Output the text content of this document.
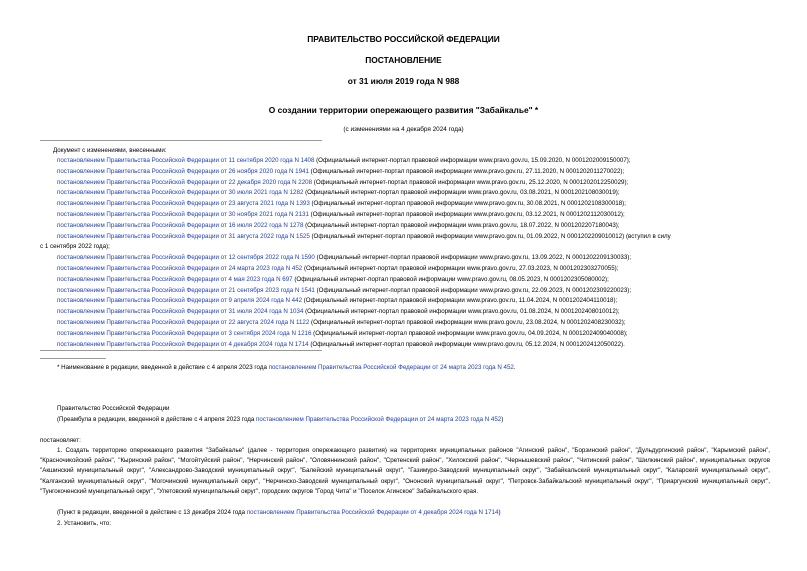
ПРАВИТЕЛЬСТВО РОССИЙСКОЙ ФЕДЕРАЦИИ
ПОСТАНОВЛЕНИЕ
от 31 июля 2019 года N 988
О создании территории опережающего развития "Забайкалье" *
(с изменениями на 4 декабря 2024 года)
Документ с изменениями, внесенными:
постановлением Правительства Российской Федерации от 11 сентября 2020 года N 1408 (Официальный интернет-портал правовой информации www.pravo.gov.ru, 15.09.2020, N 0001202009150007);
постановлением Правительства Российской Федерации от 26 ноября 2020 года N 1941 (Официальный интернет-портал правовой информации www.pravo.gov.ru, 27.11.2020, N 0001202011270022);
постановлением Правительства Российской Федерации от 22 декабря 2020 года N 2208 (Официальный интернет-портал правовой информации www.pravo.gov.ru, 25.12.2020, N 0001202012250029);
постановлением Правительства Российской Федерации от 30 июля 2021 года N 1282 (Официальный интернет-портал правовой информации www.pravo.gov.ru, 03.08.2021, N 0001202108030019);
постановлением Правительства Российской Федерации от 23 августа 2021 года N 1393 (Официальный интернет-портал правовой информации www.pravo.gov.ru, 30.08.2021, N 0001202108300018);
постановлением Правительства Российской Федерации от 30 ноября 2021 года N 2131 (Официальный интернет-портал правовой информации www.pravo.gov.ru, 03.12.2021, N 0001202112030012);
постановлением Правительства Российской Федерации от 16 июля 2022 года N 1278 (Официальный интернет-портал правовой информации www.pravo.gov.ru, 18.07.2022, N 0001202207180043);
постановлением Правительства Российской Федерации от 31 августа 2022 года N 1525 (Официальный интернет-портал правовой информации www.pravo.gov.ru, 01.09.2022, N 0001202209010012) (вступил в силу
с 1 сентября 2022 года);
постановлением Правительства Российской Федерации от 12 сентября 2022 года N 1590 (Официальный интернет-портал правовой информации www.pravo.gov.ru, 13.09.2022, N 0001202209130033);
постановлением Правительства Российской Федерации от 24 марта 2023 года N 452 (Официальный интернет-портал правовой информации www.pravo.gov.ru, 27.03.2023, N 0001202303270055);
постановлением Правительства Российской Федерации от 4 мая 2023 года N 697 (Официальный интернет-портал правовой информации www.pravo.gov.ru, 08.05.2023, N 0001202305080002);
постановлением Правительства Российской Федерации от 21 сентября 2023 года N 1541 (Официальный интернет-портал правовой информации www.pravo.gov.ru, 22.09.2023, N 0001202309220023);
постановлением Правительства Российской Федерации от 9 апреля 2024 года N 442 (Официальный интернет-портал правовой информации www.pravo.gov.ru, 11.04.2024, N 0001202404110018);
постановлением Правительства Российской Федерации от 31 июля 2024 года N 1034 (Официальный интернет-портал правовой информации www.pravo.gov.ru, 01.08.2024, N 0001202408010012);
постановлением Правительства Российской Федерации от 22 августа 2024 года N 1122 (Официальный интернет-портал правовой информации www.pravo.gov.ru, 23.08.2024, N 0001202408230032);
постановлением Правительства Российской Федерации от 3 сентября 2024 года N 1216 (Официальный интернет-портал правовой информации www.pravo.gov.ru, 04.09.2024, N 0001202409040008);
постановлением Правительства Российской Федерации от 4 декабря 2024 года N 1714 (Официальный интернет-портал правовой информации www.pravo.gov.ru, 05.12.2024, N 0001202412050022).
* Наименование в редакции, введенной в действие с 4 апреля 2023 года постановлением Правительства Российской Федерации от 24 марта 2023 года N 452.
Правительство Российской Федерации
(Преамбула в редакции, введенной в действие с 4 апреля 2023 года постановлением Правительства Российской Федерации от 24 марта 2023 года N 452)
постановляет:
1. Создать территорию опережающего развития "Забайкалье" (далее - территория опережающего развития) на территориях муниципальных районов "Агинский район", "Борзинский район", "Дульдургинский район", "Карымский район", "Красночикойский район", "Кыринский район", "Могойтуйский район", "Нерчинский район", "Оловяннинский район", "Сретенский район", "Хилокский район", "Чернышевский район", "Читинский район", "Шилкинский район", муниципальных округов "Акшинский муниципальный округ", "Александрово-Заводский муниципальный округ", "Балейский муниципальный округ", "Газимуро-Заводский муниципальный округ", "Забайкальский муниципальный округ", "Каларский муниципальный округ", "Калганский муниципальный округ", "Могочинский муниципальный округ", "Нерчинско-Заводский муниципальный округ", "Ононский муниципальный округ", "Петровск-Забайкальский муниципальный округ", "Приаргунский муниципальный округ", "Тунгокоченский муниципальный округ", "Улетовский муниципальный округ", городских округов "Город Чита" и "Поселок Агинское" Забайкальского края.
(Пункт в редакции, введенной в действие с 13 декабря 2024 года постановлением Правительства Российской Федерации от 4 декабря 2024 года N 1714)
2. Установить, что:
